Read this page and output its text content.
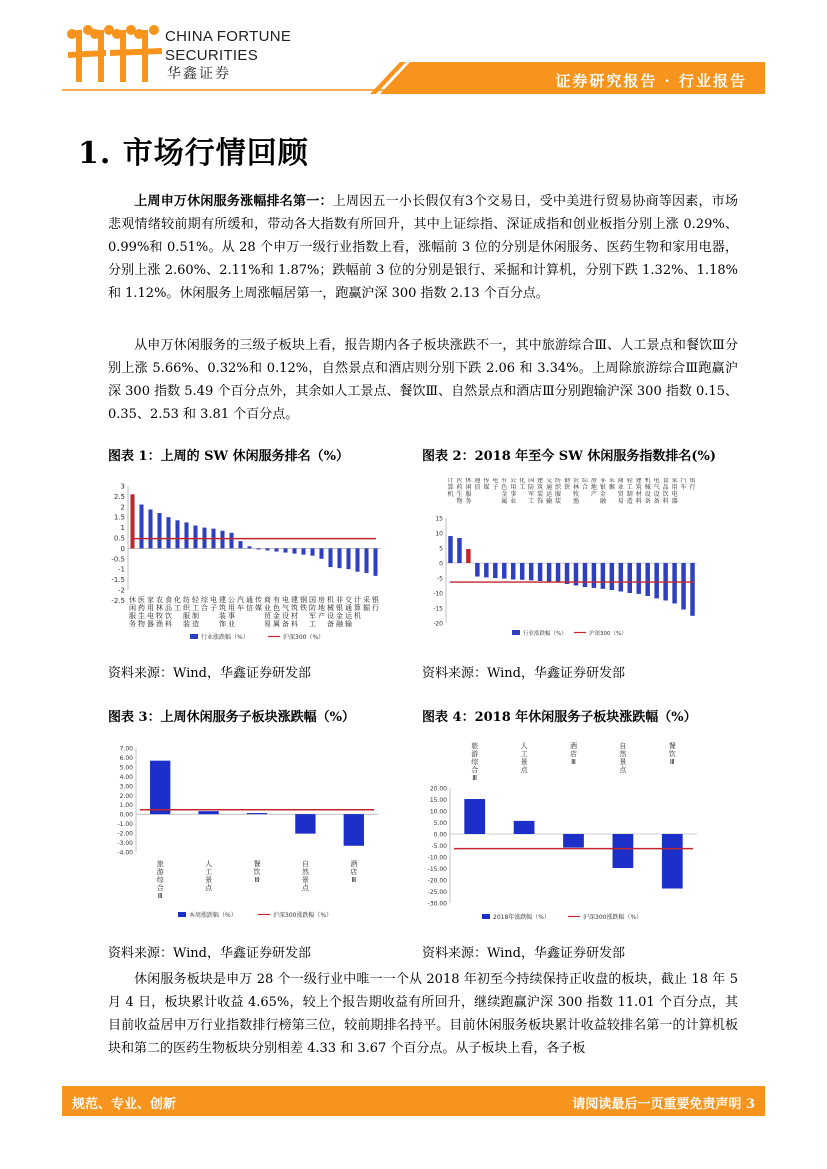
CHINA FORTUNE SECURITIES
华鑫证券	证券研究报告 · 行业报告
1. 市场行情回顾

上周申万休闲服务涨幅排名第一：上周因五一小长假仅有3个交易日，受中美进行贸易协商等因素，市场悲观情绪较前期有所缓和，带动各大指数有所回升，其中上证综指、深证成指和创业板指分别上涨 0.29%、0.99%和 0.51%。从 28 个申万一级行业指数上看，涨幅前 3 位的分别是休闲服务、医药生物和家用电器，分别上涨 2.60%、2.11%和 1.87%；跌幅前 3 位的分别是银行、采掘和计算机，分别下跌 1.32%、1.18%和 1.12%。休闲服务上周涨幅居第一，跑赢沪深 300 指数 2.13 个百分点。

从申万休闲服务的三级子板块上看，报告期内各子板块涨跌不一，其中旅游综合Ⅲ、人工景点和餐饮Ⅲ分别上涨 5.66%、0.32%和 0.12%，自然景点和酒店则分别下跌 2.06 和 3.34%。上周除旅游综合Ⅲ跑赢沪深 300 指数 5.49 个百分点外，其余如人工景点、餐饮Ⅲ、自然景点和酒店Ⅲ分别跑输沪深 300 指数 0.15、0.35、2.53 和 3.81 个百分点。

图表 1：上周的 SW 休闲服务排名（%）	图表 2：2018 年至今 SW 休闲服务指数排名(%)
图表 3：上周休闲服务子板块涨跌幅（%）	图表 4：2018 年休闲服务子板块涨跌幅（%）
3
2.5
2
1.5
1
0.5
0
-0.5
-1
-1.5
-2
-2.5 休闲服务
医药生物
家用电器
农林牧渔
食品饮料
化工
纺织服装
轻工制造
综合
电子
建筑装饰
公用事业
汽车
通信
传媒
商业贸易
有色金属
电气设备
建筑材料
钢铁
国防军工
房地产
机械设备
非银金融
交通运输
计算机
采掘
银行
行业涨跌幅（%）	沪深300（%）
15
10
5
0
-5
-10
-15
-20
计算机
医药生物
休闲服务
通信
传媒
电子
有色金属
公用事业
化工
国防军工
建筑装饰
交通运输
纺织服装
钢铁
农林牧渔
综合
房地产
非银金融
采掘
商业贸易
轻工制造
建筑材料
机械设备
电气设备
食品饮料
家用电器
汽车
银行
行业涨跌幅（%）	沪深300（%）
7.00
6.00
5.00
4.00
3.00
2.00
1.00
0.00
-1.00
-2.00
-3.00
-4.00
旅游综合 Ⅲ
人工景点
餐饮 Ⅲ
自然景点
酒店 Ⅲ
本周涨跌幅（%）	沪深300涨跌幅（%）
20.00
15.00
10.00
5.00
0.00
-5.00
-10.00
-15.00
-20.00
-25.00
-30.00
旅游综合 Ⅲ
人工景点
酒店 Ⅲ
自然景点
餐饮 Ⅲ
2018年涨跌幅（%）	沪深300涨跌幅（%）
资料来源：Wind，华鑫证券研发部	资料来源：Wind，华鑫证券研发部
资料来源：Wind，华鑫证券研发部	资料来源：Wind，华鑫证券研发部

休闲服务板块是申万 28 个一级行业中唯一一个从 2018 年初至今持续保持正收盘的板块，截止 18 年 5 月 4 日，板块累计收益 4.65%，较上个报告期收益有所回升，继续跑赢沪深 300 指数 11.01 个百分点，其目前收益居申万行业指数排行榜第三位，较前期排名持平。目前休闲服务板块累计收益较排名第一的计算机板块和第二的医药生物板块分别相差 4.33 和 3.67 个百分点。从子板块上看，各子板

规范、专业、创新	请阅读最后一页重要免责声明 3
